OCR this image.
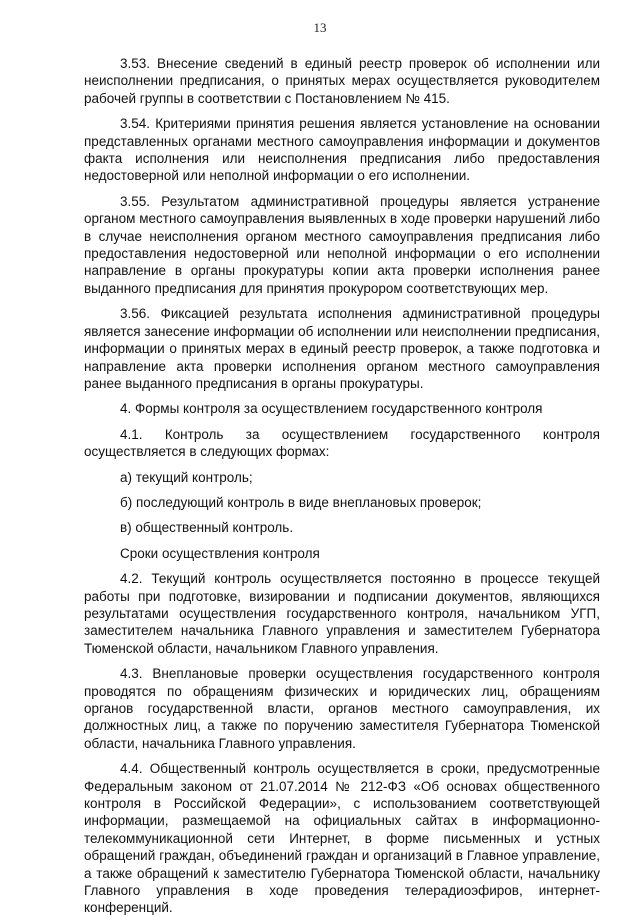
13

3.53. Внесение сведений в единый реестр проверок об исполнении или неисполнении предписания, о принятых мерах осуществляется руководителем рабочей группы в соответствии с Постановлением № 415.

3.54. Критериями принятия решения является установление на основании представленных органами местного самоуправления информации и документов факта исполнения или неисполнения предписания либо предоставления недостоверной или неполной информации о его исполнении.

3.55. Результатом административной процедуры является устранение органом местного самоуправления выявленных в ходе проверки нарушений либо в случае неисполнения органом местного самоуправления предписания либо предоставления недостоверной или неполной информации о его исполнении направление в органы прокуратуры копии акта проверки исполнения ранее выданного предписания для принятия прокурором соответствующих мер.

3.56. Фиксацией результата исполнения административной процедуры является занесение информации об исполнении или неисполнении предписания, информации о принятых мерах в единый реестр проверок, а также подготовка и направление акта проверки исполнения органом местного самоуправления ранее выданного предписания в органы прокуратуры.

4. Формы контроля за осуществлением государственного контроля

4.1. Контроль за осуществлением государственного контроля осуществляется в следующих формах:

а) текущий контроль;

б) последующий контроль в виде внеплановых проверок;

в) общественный контроль.

Сроки осуществления контроля

4.2. Текущий контроль осуществляется постоянно в процессе текущей работы при подготовке, визировании и подписании документов, являющихся результатами осуществления государственного контроля, начальником УГП, заместителем начальника Главного управления и заместителем Губернатора Тюменской области, начальником Главного управления.

4.3. Внеплановые проверки осуществления государственного контроля проводятся по обращениям физических и юридических лиц, обращениям органов государственной власти, органов местного самоуправления, их должностных лиц, а также по поручению заместителя Губернатора Тюменской области, начальника Главного управления.

4.4. Общественный контроль осуществляется в сроки, предусмотренные Федеральным законом от 21.07.2014 № 212-ФЗ «Об основах общественного контроля в Российской Федерации», с использованием соответствующей информации, размещаемой на официальных сайтах в информационно-телекоммуникационной сети Интернет, в форме письменных и устных обращений граждан, объединений граждан и организаций в Главное управление, а также обращений к заместителю Губернатора Тюменской области, начальнику Главного управления в ходе проведения телерадиоэфиров, интернет-конференций.
